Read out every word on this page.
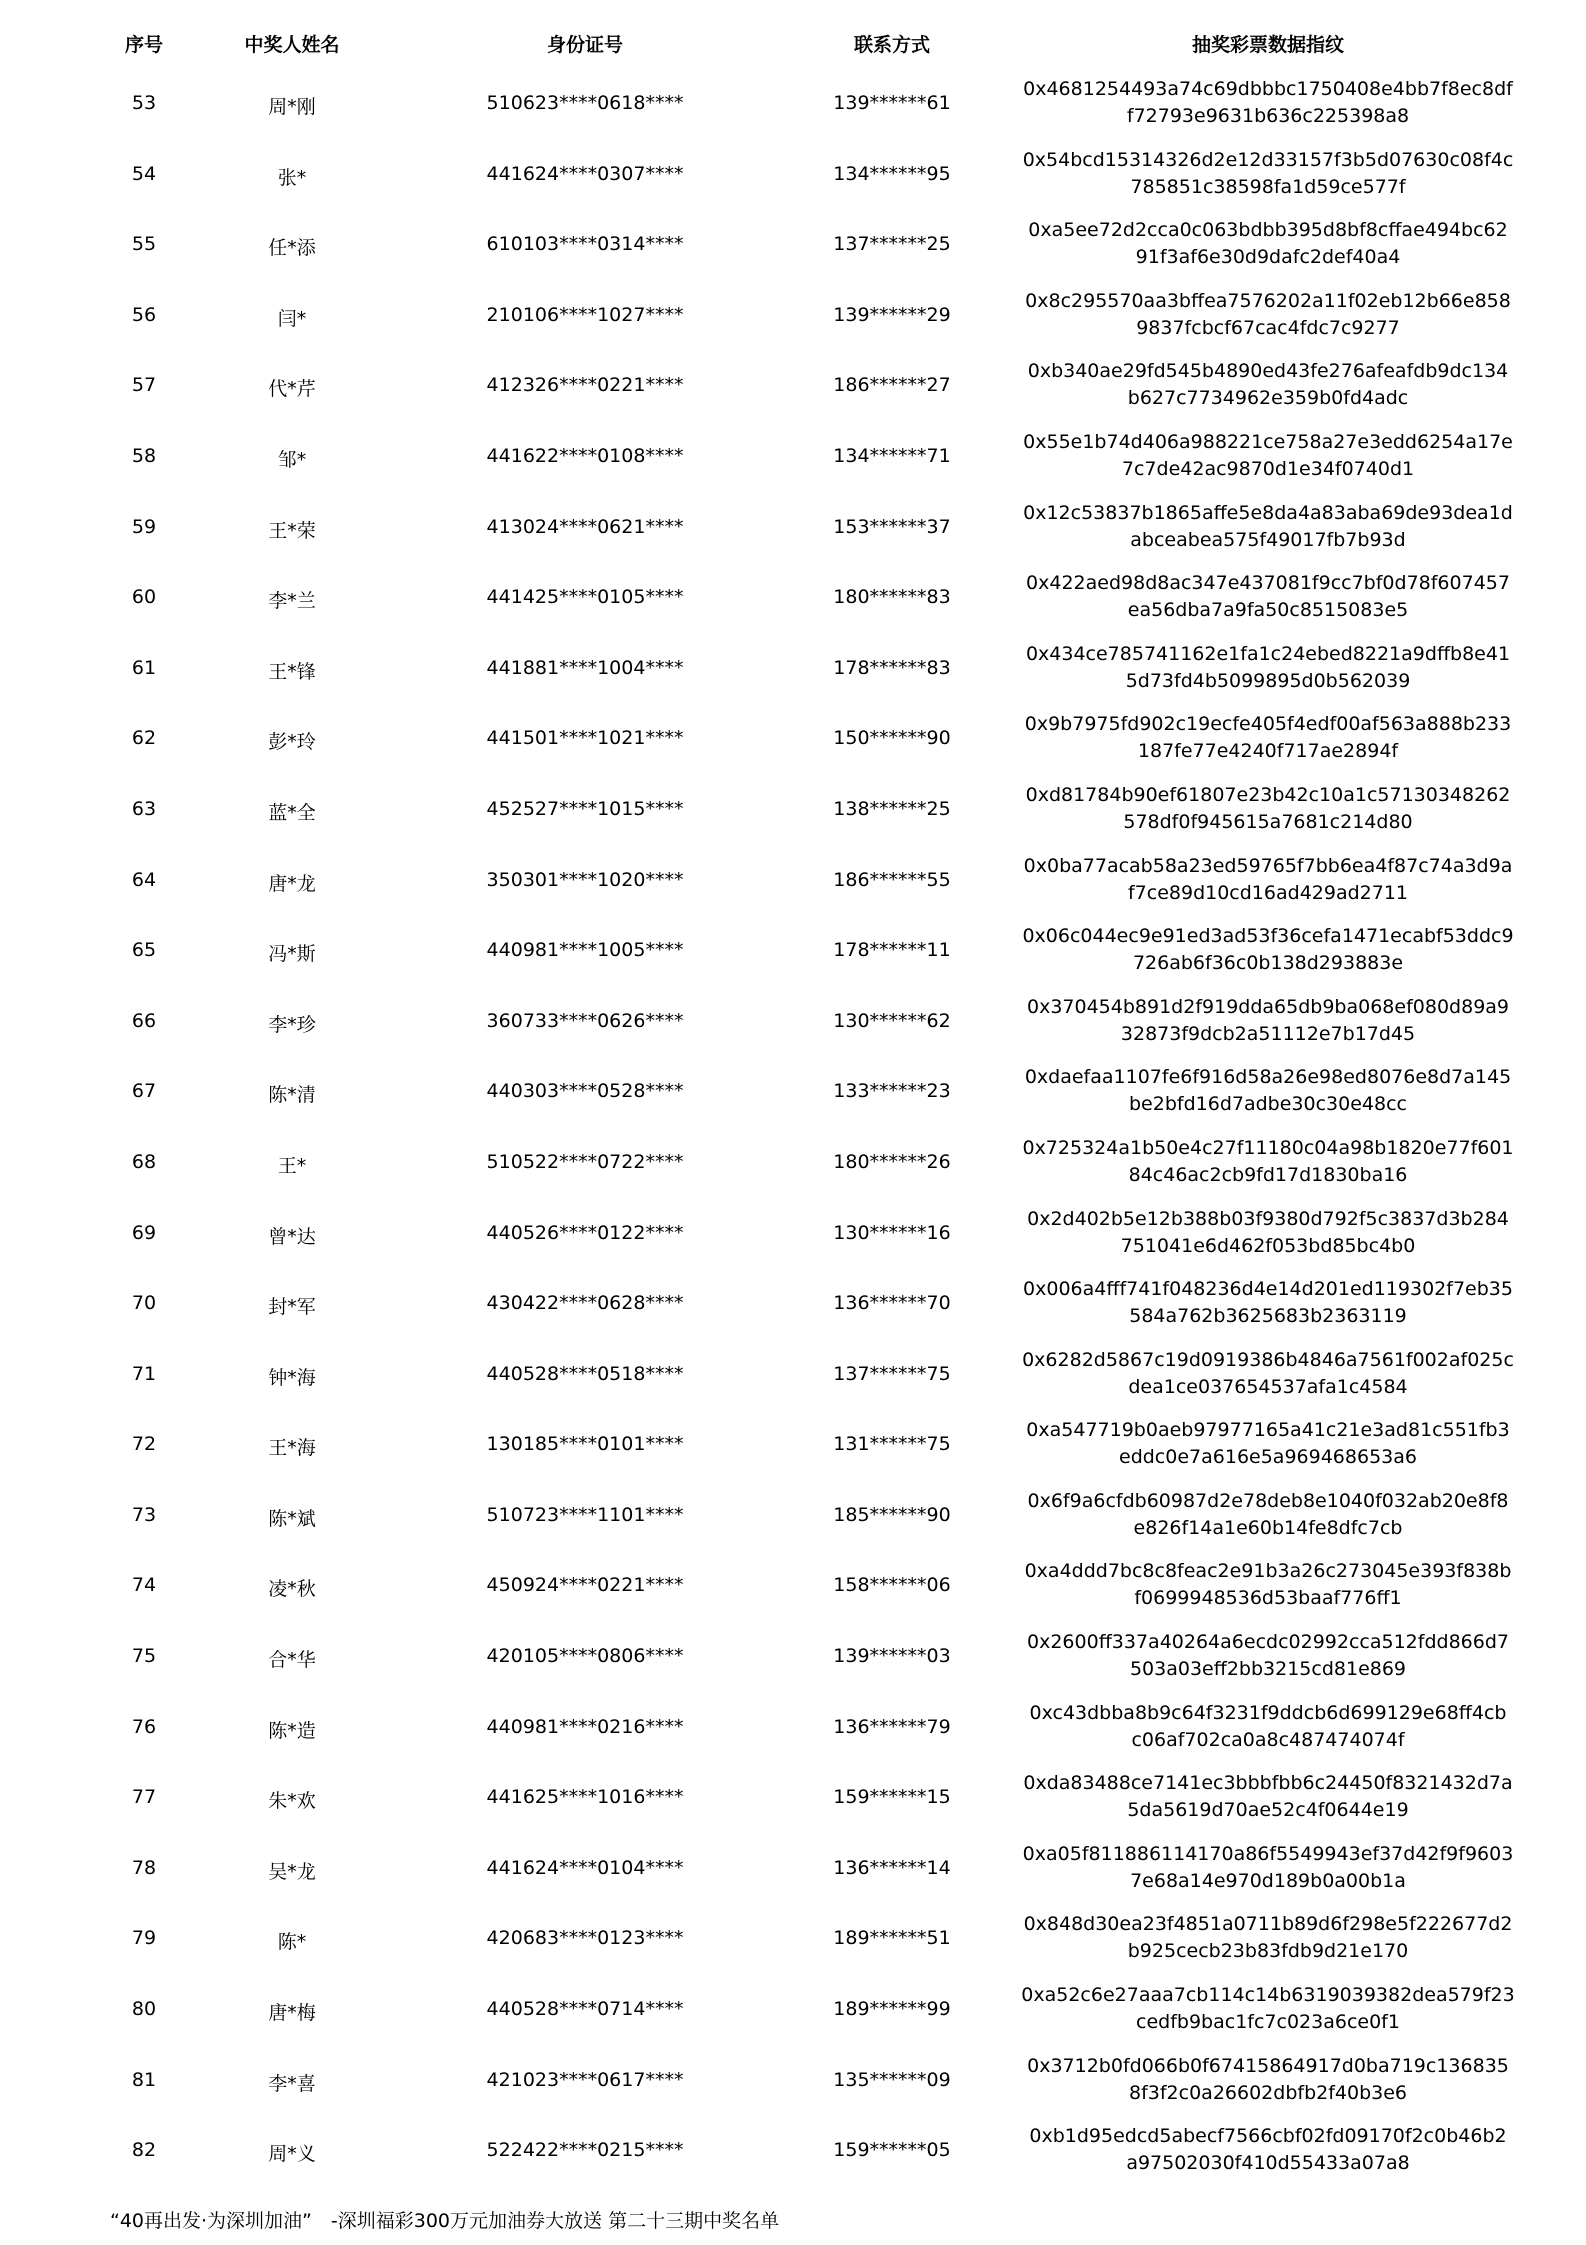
序号	中奖人姓名	身份证号	联系方式	抽奖彩票数据指纹
53	周*刚	510623****0618****	139******61
0x4681254493a74c69dbbbc1750408e4bb7f8ec8df
f72793e9631b636c225398a8
54	张*	441624****0307****	134******95
0x54bcd15314326d2e12d33157f3b5d07630c08f4c
785851c38598fa1d59ce577f
55	任*添	610103****0314****	137******25
0xa5ee72d2cca0c063bdbb395d8bf8cffae494bc62
91f3af6e30d9dafc2def40a4
56	闫*	210106****1027****	139******29
0x8c295570aa3bffea7576202a11f02eb12b66e858
9837fcbcf67cac4fdc7c9277
57	代*芹	412326****0221****	186******27
0xb340ae29fd545b4890ed43fe276afeafdb9dc134
b627c7734962e359b0fd4adc
58	邹*	441622****0108****	134******71
0x55e1b74d406a988221ce758a27e3edd6254a17e
7c7de42ac9870d1e34f0740d1
59	王*荣	413024****0621****	153******37
0x12c53837b1865affe5e8da4a83aba69de93dea1d
abceabea575f49017fb7b93d
60	李*兰	441425****0105****	180******83
0x422aed98d8ac347e437081f9cc7bf0d78f607457
ea56dba7a9fa50c8515083e5
61	王*锋	441881****1004****	178******83
0x434ce785741162e1fa1c24ebed8221a9dffb8e41
5d73fd4b5099895d0b562039
62	彭*玲	441501****1021****	150******90
0x9b7975fd902c19ecfe405f4edf00af563a888b233
187fe77e4240f717ae2894f
63	蓝*全	452527****1015****	138******25
0xd81784b90ef61807e23b42c10a1c57130348262
578df0f945615a7681c214d80
64	唐*龙	350301****1020****	186******55
0x0ba77acab58a23ed59765f7bb6ea4f87c74a3d9a
f7ce89d10cd16ad429ad2711
65	冯*斯	440981****1005****	178******11
0x06c044ec9e91ed3ad53f36cefa1471ecabf53ddc9
726ab6f36c0b138d293883e
66	李*珍	360733****0626****	130******62
0x370454b891d2f919dda65db9ba068ef080d89a9
32873f9dcb2a51112e7b17d45
67	陈*清	440303****0528****	133******23
0xdaefaa1107fe6f916d58a26e98ed8076e8d7a145
be2bfd16d7adbe30c30e48cc
68	王*	510522****0722****	180******26
0x725324a1b50e4c27f11180c04a98b1820e77f601
84c46ac2cb9fd17d1830ba16
69	曾*达	440526****0122****	130******16
0x2d402b5e12b388b03f9380d792f5c3837d3b284
751041e6d462f053bd85bc4b0
70	封*军	430422****0628****	136******70
0x006a4fff741f048236d4e14d201ed119302f7eb35
584a762b3625683b2363119
71	钟*海	440528****0518****	137******75
0x6282d5867c19d0919386b4846a7561f002af025c
dea1ce037654537afa1c4584
72	王*海	130185****0101****	131******75
0xa547719b0aeb97977165a41c21e3ad81c551fb3
eddc0e7a616e5a969468653a6
73	陈*斌	510723****1101****	185******90
0x6f9a6cfdb60987d2e78deb8e1040f032ab20e8f8
e826f14a1e60b14fe8dfc7cb
74	凌*秋	450924****0221****	158******06
0xa4ddd7bc8c8feac2e91b3a26c273045e393f838b
f0699948536d53baaf776ff1
75	合*华	420105****0806****	139******03
0x2600ff337a40264a6ecdc02992cca512fdd866d7
503a03eff2bb3215cd81e869
76	陈*造	440981****0216****	136******79
0xc43dbba8b9c64f3231f9ddcb6d699129e68ff4cb
c06af702ca0a8c487474074f
77	朱*欢	441625****1016****	159******15
0xda83488ce7141ec3bbbfbb6c24450f8321432d7a
5da5619d70ae52c4f0644e19
78	吴*龙	441624****0104****	136******14
0xa05f811886114170a86f5549943ef37d42f9f9603
7e68a14e970d189b0a00b1a
79	陈*	420683****0123****	189******51
0x848d30ea23f4851a0711b89d6f298e5f222677d2
b925cecb23b83fdb9d21e170
80	唐*梅	440528****0714****	189******99
0xa52c6e27aaa7cb114c14b6319039382dea579f23
cedfb9bac1fc7c023a6ce0f1
81	李*喜	421023****0617****	135******09
0x3712b0fd066b0f67415864917d0ba719c136835
8f3f2c0a26602dbfb2f40b3e6
82	周*义	522422****0215****	159******05
0xb1d95edcd5abecf7566cbf02fd09170f2c0b46b2
a97502030f410d55433a07a8
“40再出发·为深圳加油”　-深圳福彩300万元加油券大放送 第二十三期中奖名单
